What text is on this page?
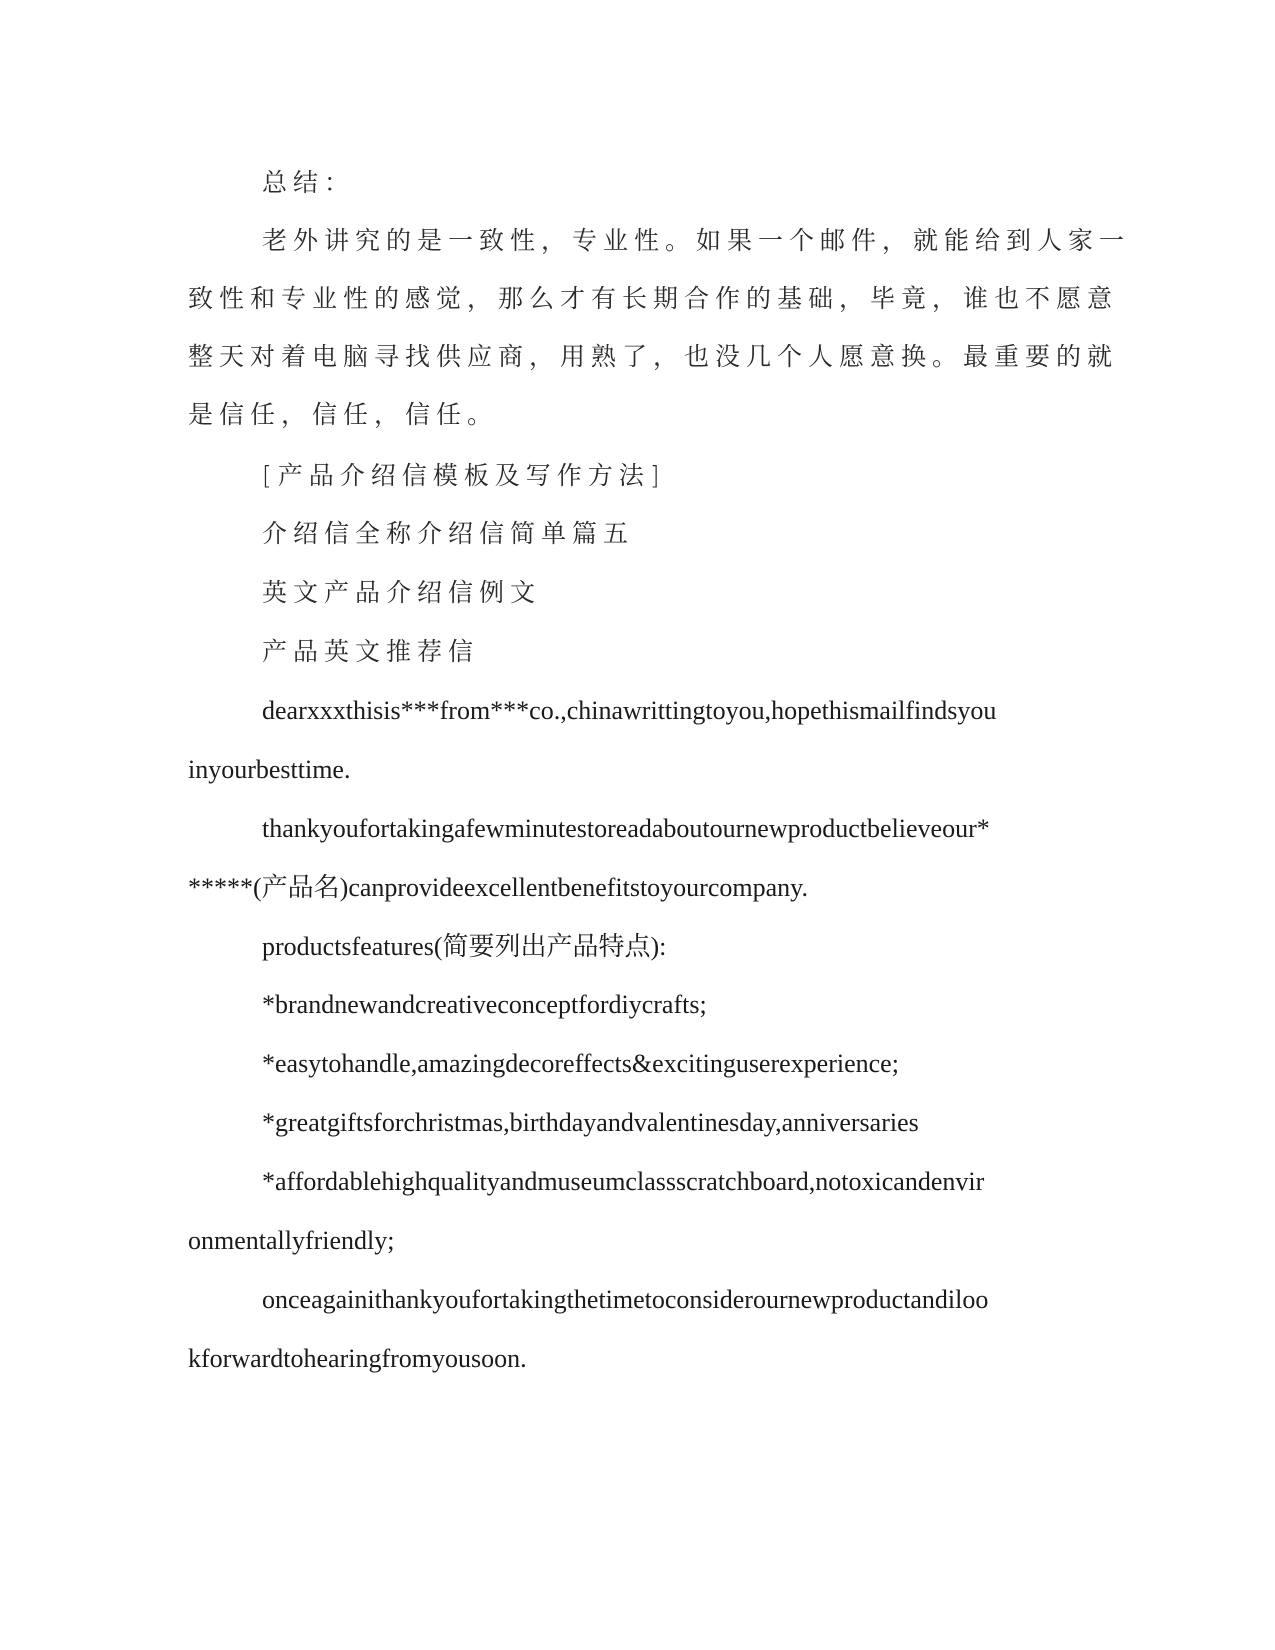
总结：

老外讲究的是一致性，专业性。如果一个邮件，就能给到人家一

致性和专业性的感觉，那么才有长期合作的基础，毕竟，谁也不愿意

整天对着电脑寻找供应商，用熟了，也没几个人愿意换。最重要的就

是信任，信任，信任。

[产品介绍信模板及写作方法]

介绍信全称介绍信简单篇五

英文产品介绍信例文

产品英文推荐信

dearxxxthisis***from***co.,chinawrittingtoyou,hopethismailfindsyou

inyourbesttime.

thankyoufortakingafewminutestoreadaboutournewproductbelieveour*

*****(产品名)canprovideexcellentbenefitstoyourcompany.

productsfeatures(简要列出产品特点):

*brandnewandcreativeconceptfordiycrafts;

*easytohandle,amazingdecoreffects&excitinguserexperience;

*greatgiftsforchristmas,birthdayandvalentinesday,anniversaries

*affordablehighqualityandmuseumclassscratchboard,notoxicandenvir

onmentallyfriendly;

onceagainithankyoufortakingthetimetoconsiderournewproductandiloo

kforwardtohearingfromyousoon.
